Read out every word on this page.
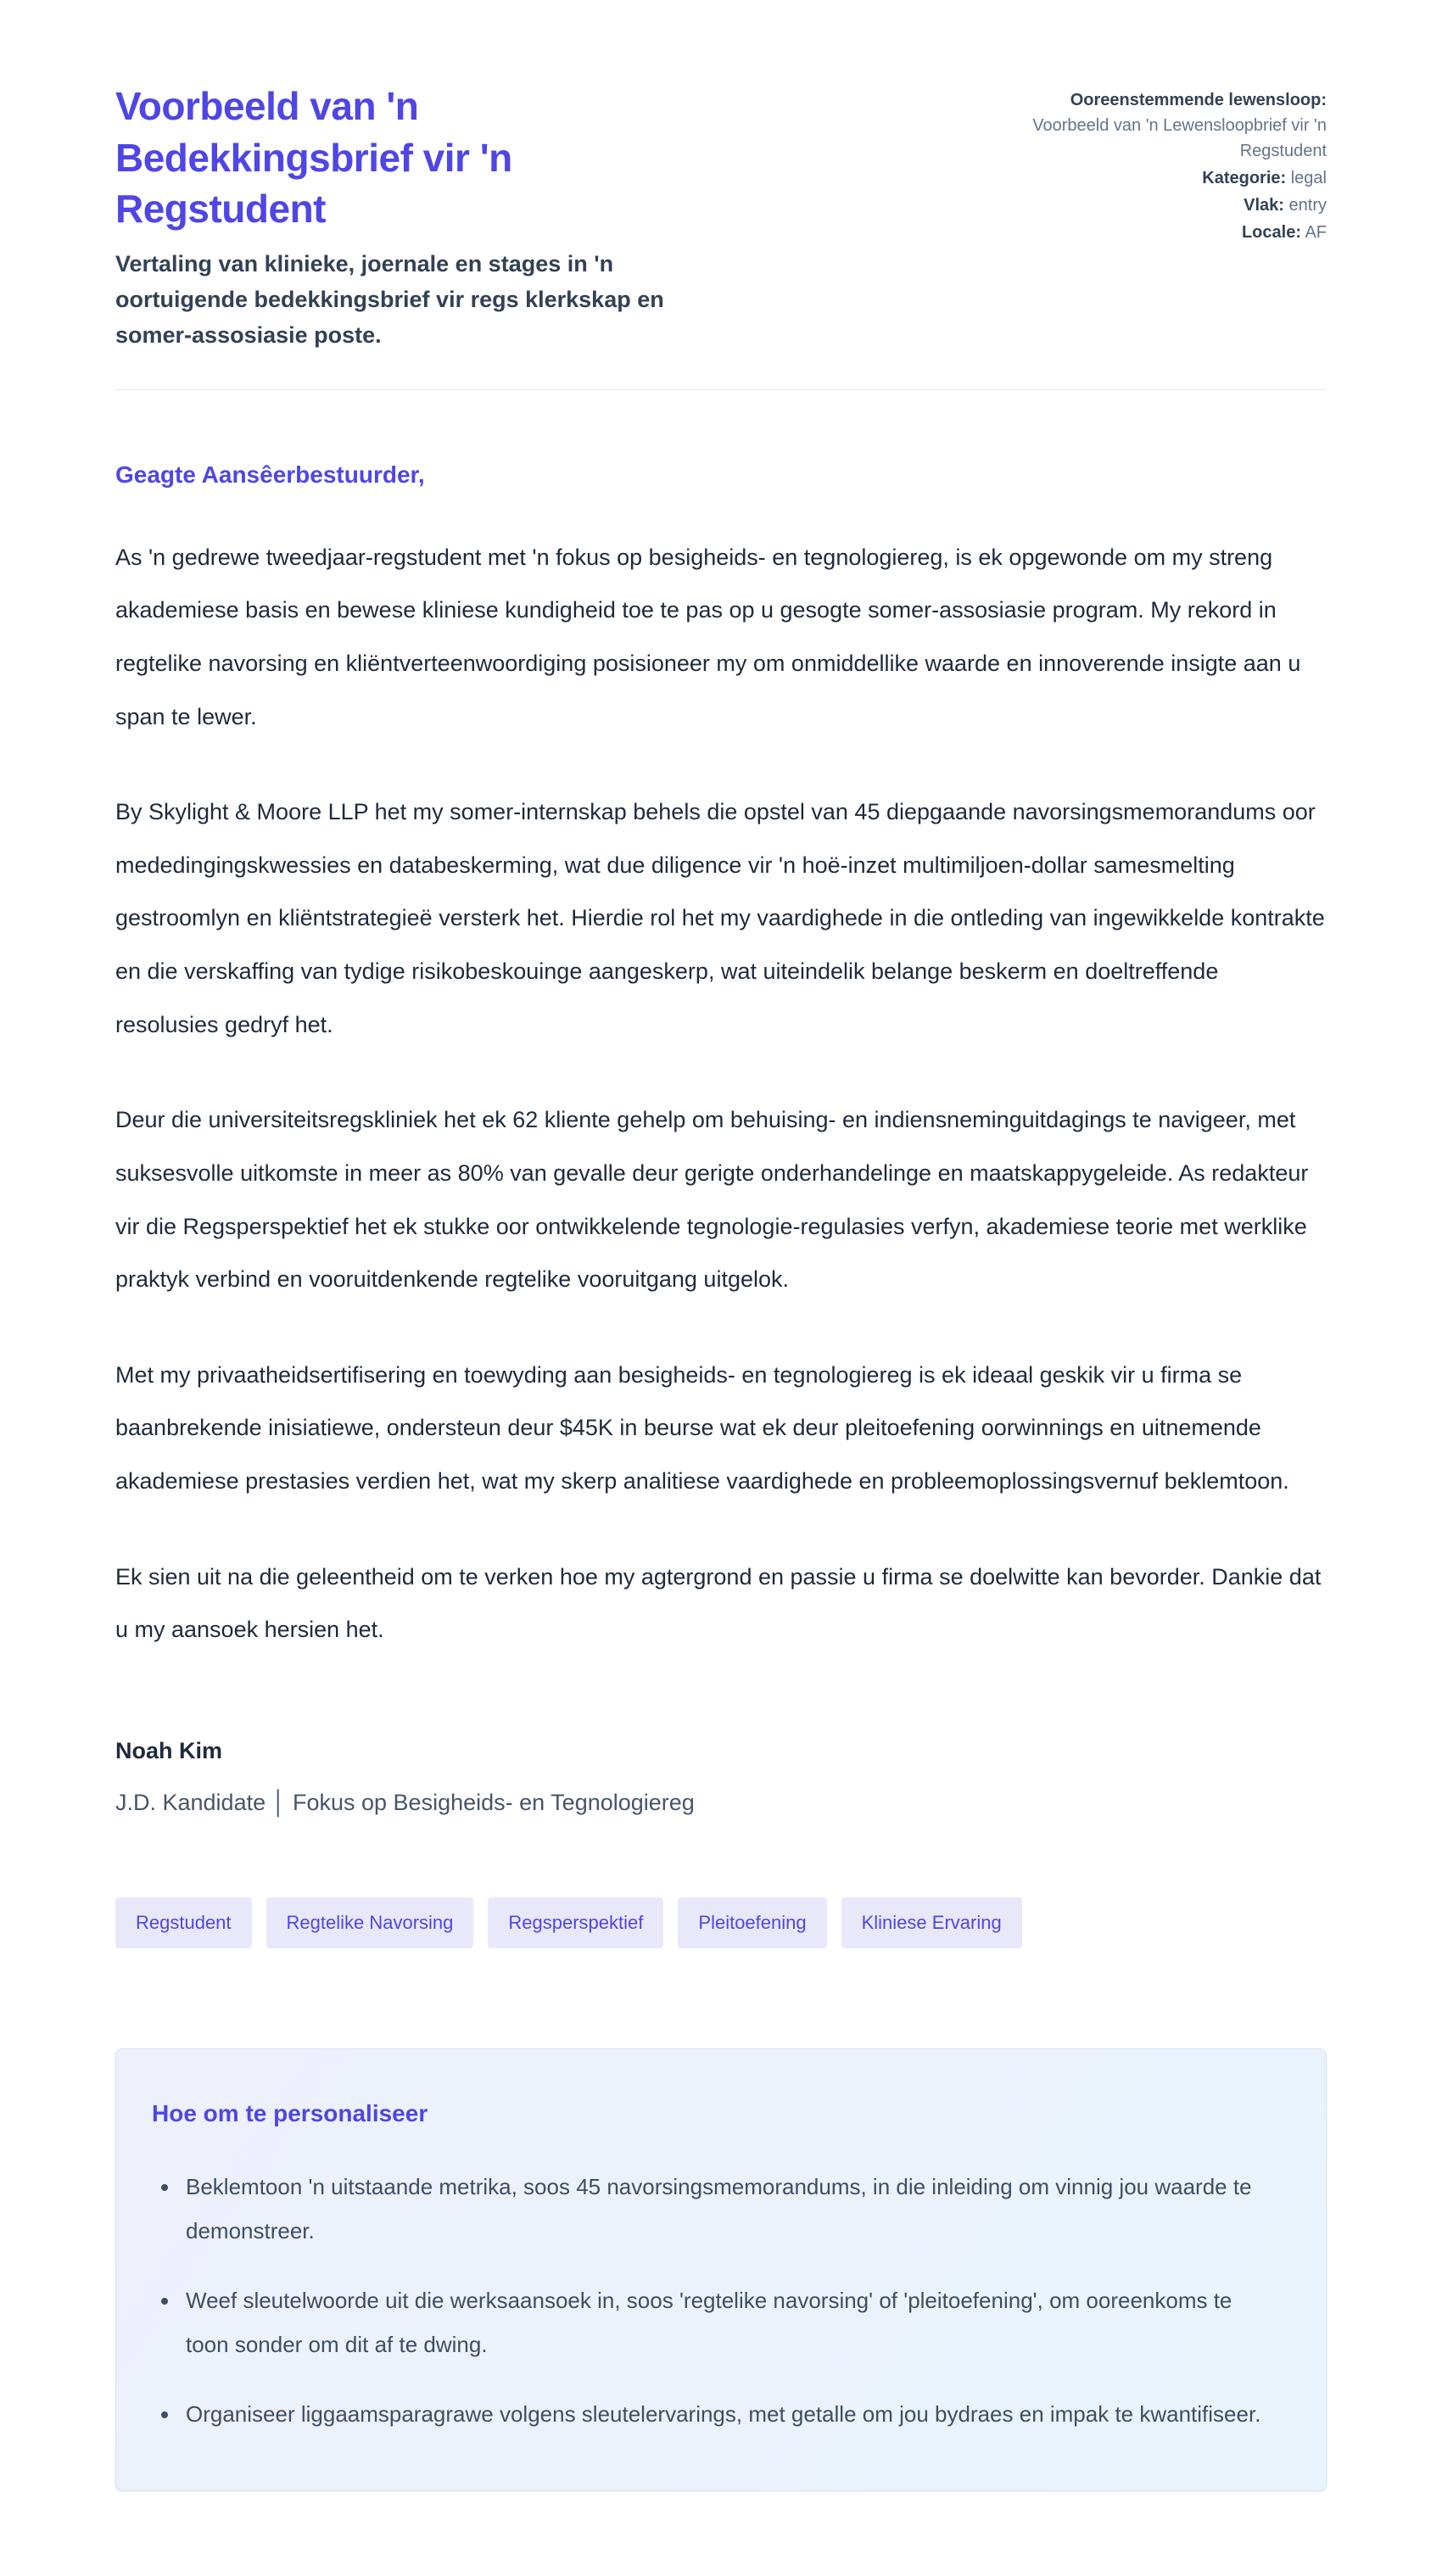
Voorbeeld van 'n Bedekkingsbrief vir 'n Regstudent
Vertaling van klinieke, joernale en stages in 'n oortuigende bedekkingsbrief vir regs klerkskap en somer-assosiasie poste.
Ooreenstemmende lewensloop: Voorbeeld van 'n Lewensloopbrief vir 'n Regstudent
Kategorie: legal
Vlak: entry
Locale: AF
Geagte Aansêerbestuurder,

As 'n gedrewe tweedjaar-regstudent met 'n fokus op besigheids- en tegnologiereg, is ek opgewonde om my streng akademiese basis en bewese kliniese kundigheid toe te pas op u gesogte somer-assosiasie program. My rekord in regtelike navorsing en kliëntverteenwoordiging posisioneer my om onmiddellike waarde en innoverende insigte aan u span te lewer.

By Skylight & Moore LLP het my somer-internskap behels die opstel van 45 diepgaande navorsingsmemorandums oor mededingingskwessies en databeskerming, wat due diligence vir 'n hoë-inzet multimiljoen-dollar samesmelting gestroomlyn en kliëntstrategieë versterk het. Hierdie rol het my vaardighede in die ontleding van ingewikkelde kontrakte en die verskaffing van tydige risikobeskouinge aangeskerp, wat uiteindelik belange beskerm en doeltreffende resolusies gedryf het.

Deur die universiteitsregskliniek het ek 62 kliente gehelp om behuising- en indiensneminguitdagings te navigeer, met suksesvolle uitkomste in meer as 80% van gevalle deur gerigte onderhandelinge en maatskappygeleide. As redakteur vir die Regsperspektief het ek stukke oor ontwikkelende tegnologie-regulasies verfyn, akademiese teorie met werklike praktyk verbind en vooruitdenkende regtelike vooruitgang uitgelok.

Met my privaatheidsertifisering en toewyding aan besigheids- en tegnologiereg is ek ideaal geskik vir u firma se baanbrekende inisiatiewe, ondersteun deur $45K in beurse wat ek deur pleitoefening oorwinnings en uitnemende akademiese prestasies verdien het, wat my skerp analitiese vaardighede en probleemoplossingsvernuf beklemtoon.

Ek sien uit na die geleentheid om te verken hoe my agtergrond en passie u firma se doelwitte kan bevorder. Dankie dat u my aansoek hersien het.

Noah Kim
J.D. Kandidate │ Fokus op Besigheids- en Tegnologiereg
Regstudent	Regtelike Navorsing	Regsperspektief	Pleitoefening	Kliniese Ervaring
Hoe om te personaliseer
• Beklemtoon 'n uitstaande metrika, soos 45 navorsingsmemorandums, in die inleiding om vinnig jou waarde te demonstreer.
• Weef sleutelwoorde uit die werksaansoek in, soos 'regtelike navorsing' of 'pleitoefening', om ooreenkoms te toon sonder om dit af te dwing.
• Organiseer liggaamsparagrawe volgens sleutelervarings, met getalle om jou bydraes en impak te kwantifiseer.
